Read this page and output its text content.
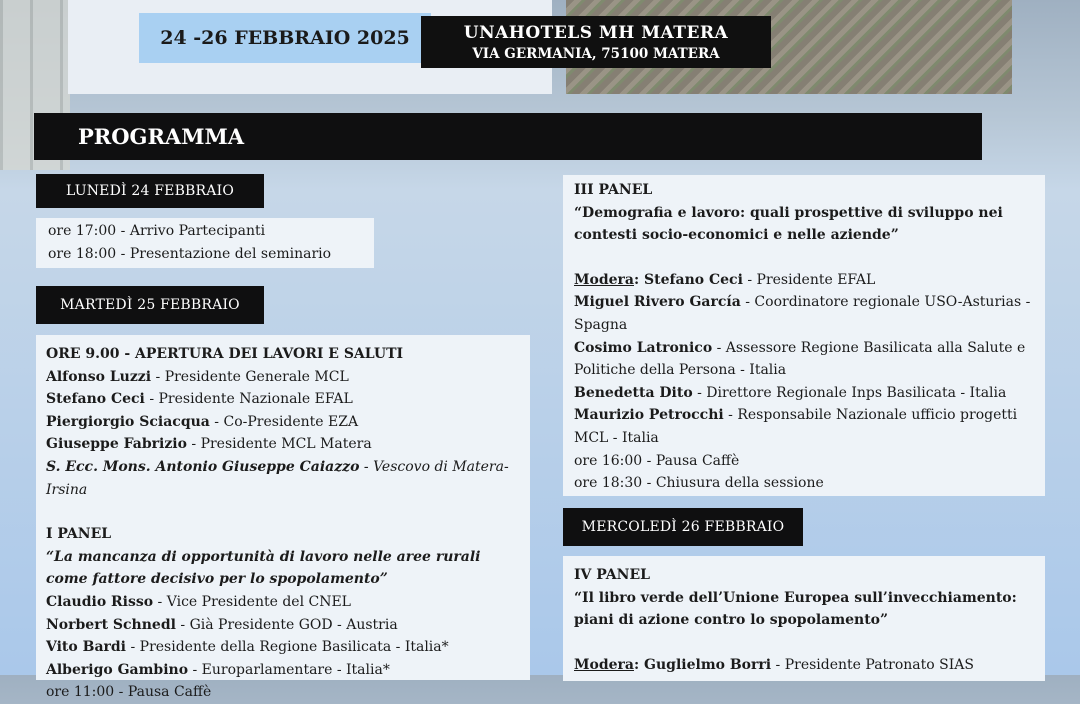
24 -26 FEBBRAIO 2025	UNAHOTELS MH MATERA
VIA GERMANIA, 75100 MATERA
PROGRAMMA
LUNEDÌ 24 FEBBRAIO

ore 17:00 - Arrivo Partecipanti

ore 18:00 - Presentazione del seminario

MARTEDÌ 25 FEBBRAIO

ORE 9.00 - APERTURA DEI LAVORI E SALUTI

Alfonso Luzzi - Presidente Generale MCL

Stefano Ceci - Presidente Nazionale EFAL

Piergiorgio Sciacqua - Co-Presidente EZA

Giuseppe Fabrizio - Presidente MCL Matera

S. Ecc. Mons. Antonio Giuseppe Caiazzo - Vescovo di Matera-Irsina

I PANEL

“La mancanza di opportunità di lavoro nelle aree rurali come fattore decisivo per lo spopolamento”

Claudio Risso - Vice Presidente del CNEL

Norbert Schnedl - Già Presidente GOD - Austria

Vito Bardi - Presidente della Regione Basilicata - Italia*

Alberigo Gambino - Europarlamentare - Italia*

ore 11:00 - Pausa Caffè

III PANEL

“Demografia e lavoro: quali prospettive di sviluppo nei contesti socio-economici e nelle aziende”

Modera: Stefano Ceci - Presidente EFAL

Miguel Rivero García - Coordinatore regionale USO-Asturias - Spagna

Cosimo Latronico - Assessore Regione Basilicata alla Salute e Politiche della Persona - Italia

Benedetta Dito - Direttore Regionale Inps Basilicata - Italia

Maurizio Petrocchi - Responsabile Nazionale ufficio progetti MCL - Italia

ore 16:00 - Pausa Caffè

ore 18:30 - Chiusura della sessione

MERCOLEDÌ 26 FEBBRAIO

IV PANEL

“Il libro verde dell’Unione Europea sull’invecchiamento: piani di azione contro lo spopolamento”

Modera: Guglielmo Borri - Presidente Patronato SIAS
